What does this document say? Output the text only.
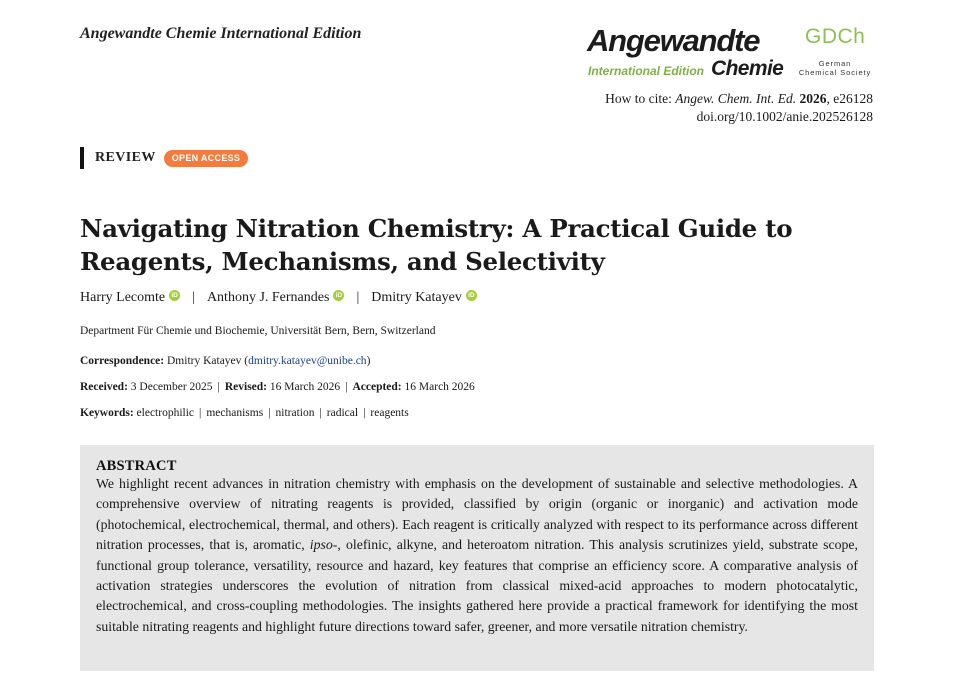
Angewandte Chemie International Edition	Angewandte
International Edition Chemie
GDCh
German
Chemical Society
How to cite: Angew. Chem. Int. Ed. 2026, e26128
doi.org/10.1002/anie.202526128
REVIEW	OPEN ACCESS
Navigating Nitration Chemistry: A Practical Guide to Reagents, Mechanisms, and Selectivity
Harry Lecomte iD | Anthony J. Fernandes iD | Dmitry Katayev iD
Department Für Chemie und Biochemie, Universität Bern, Bern, Switzerland
Correspondence: Dmitry Katayev (dmitry.katayev@unibe.ch)
Received: 3 December 2025 | Revised: 16 March 2026 | Accepted: 16 March 2026
Keywords: electrophilic | mechanisms | nitration | radical | reagents
ABSTRACT
We highlight recent advances in nitration chemistry with emphasis on the development of sustainable and selective methodologies. A comprehensive overview of nitrating reagents is provided, classified by origin (organic or inorganic) and activation mode (photochemical, electrochemical, thermal, and others). Each reagent is critically analyzed with respect to its performance across different nitration processes, that is, aromatic, ipso-, olefinic, alkyne, and heteroatom nitration. This analysis scrutinizes yield, substrate scope, functional group tolerance, versatility, resource and hazard, key features that comprise an efficiency score. A comparative analysis of activation strategies underscores the evolution of nitration from classical mixed-acid approaches to modern photocatalytic, electrochemical, and cross-coupling methodologies. The insights gathered here provide a practical framework for identifying the most suitable nitrating reagents and highlight future directions toward safer, greener, and more versatile nitration chemistry.
